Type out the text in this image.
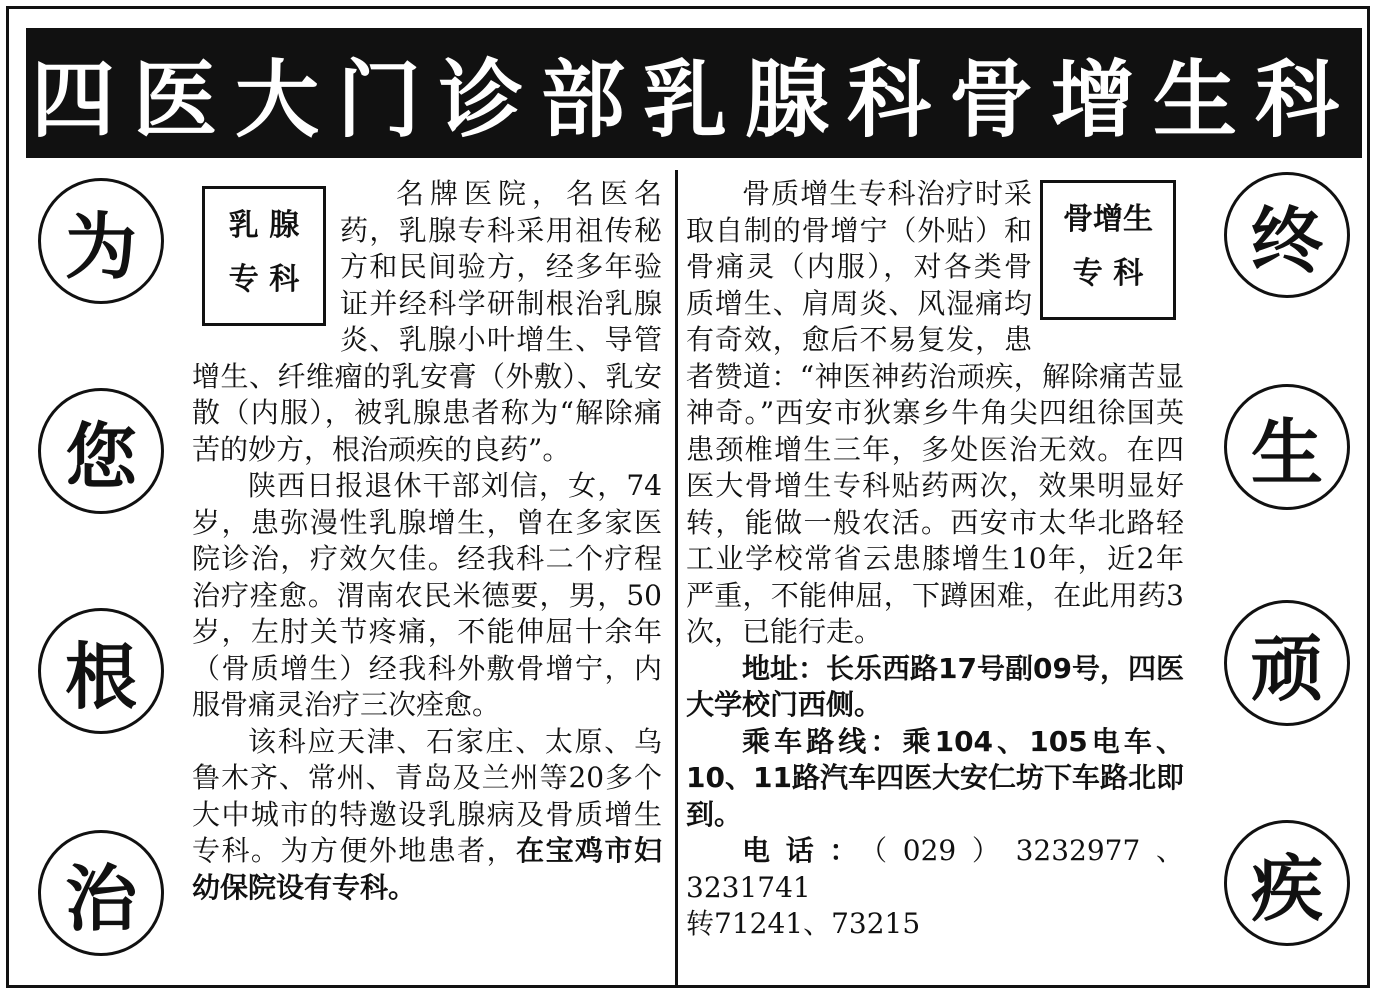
四医大门诊部乳腺科骨增生科
为
您
根
治
终
生
顽
疾
乳 腺
专 科

名牌医院，名医名药，乳腺专科采用祖传秘方和民间验方，经多年验证并经科学研制根治乳腺炎、乳腺小叶增生、导管增生、纤维瘤的乳安膏（外敷）、乳安散（内服），被乳腺患者称为“解除痛苦的妙方，根治顽疾的良药”。

陕西日报退休干部刘信，女，74岁，患弥漫性乳腺增生，曾在多家医院诊治，疗效欠佳。经我科二个疗程治疗痊愈。渭南农民米德要，男，50岁，左肘关节疼痛，不能伸屈十余年（骨质增生）经我科外敷骨增宁，内服骨痛灵治疗三次痊愈。

该科应天津、石家庄、太原、乌鲁木齐、常州、青岛及兰州等20多个大中城市的特邀设乳腺病及骨质增生专科。为方便外地患者，在宝鸡市妇幼保院设有专科。

骨增生
专 科

骨质增生专科治疗时采取自制的骨增宁（外贴）和骨痛灵（内服），对各类骨质增生、肩周炎、风湿痛均有奇效，愈后不易复发，患者赞道：“神医神药治顽疾，解除痛苦显神奇。”西安市狄寨乡牛角尖四组徐国英患颈椎增生三年，多处医治无效。在四医大骨增生专科贴药两次，效果明显好转，能做一般农活。西安市太华北路轻工业学校常省云患膝增生10年，近2年严重，不能伸屈，下蹲困难，在此用药3次，已能行走。

地址：长乐西路17号副09号，四医大学校门西侧。

乘车路线：乘104、105电车、10、11路汽车四医大安仁坊下车路北即到。

电话：（029）3232977、3231741

转71241、73215
